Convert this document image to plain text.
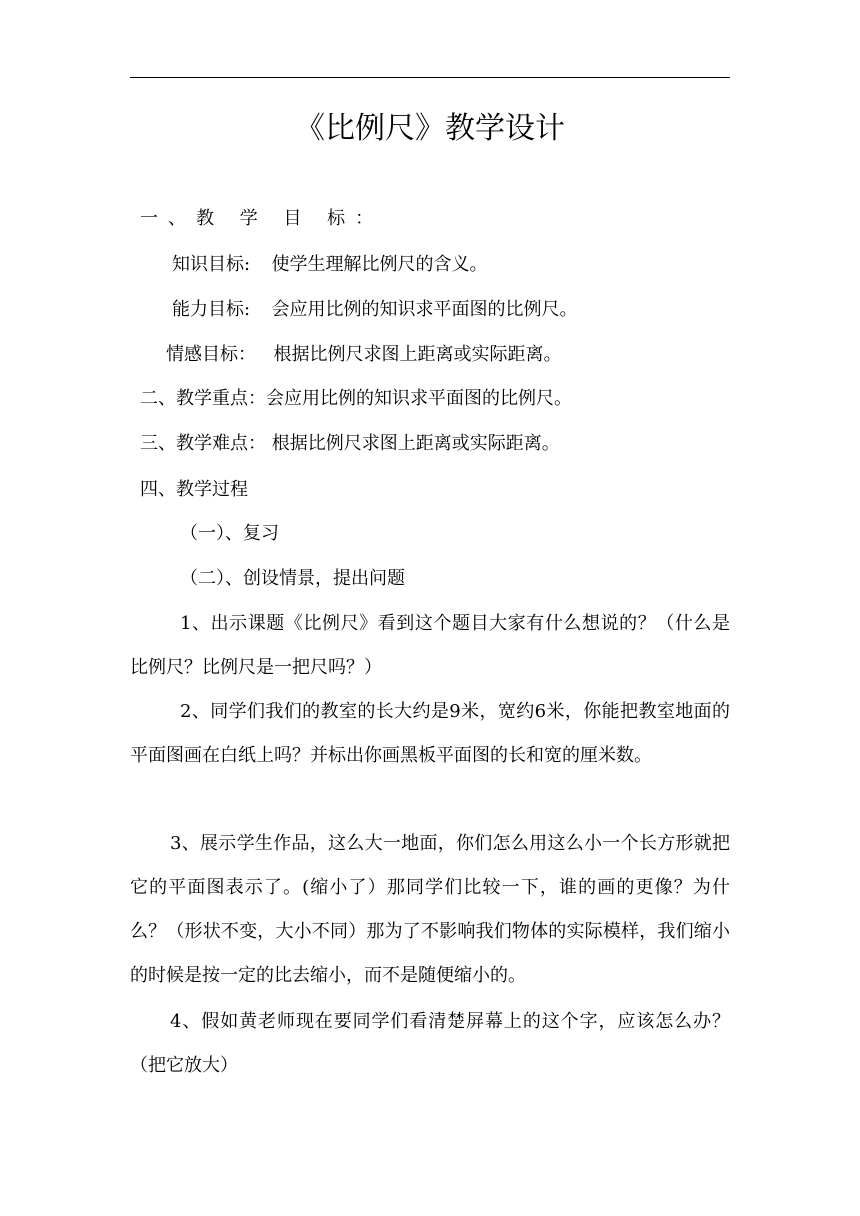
《比例尺》教学设计
一、教 学 目 标：
知识目标: 使学生理解比例尺的含义。
能力目标: 会应用比例的知识求平面图的比例尺。
情感目标： 根据比例尺求图上距离或实际距离。
二、教学重点：会应用比例的知识求平面图的比例尺。
三、教学难点： 根据比例尺求图上距离或实际距离。
四、教学过程
（一）、复习
（二）、创设情景，提出问题
1、出示课题《比例尺》看到这个题目大家有什么想说的？（什么是比例尺？比例尺是一把尺吗？）
2、同学们我们的教室的长大约是9米，宽约6米，你能把教室地面的平面图画在白纸上吗？并标出你画黑板平面图的长和宽的厘米数。
3、展示学生作品，这么大一地面，你们怎么用这么小一个长方形就把它的平面图表示了。(缩小了）那同学们比较一下，谁的画的更像？为什么？（形状不变，大小不同）那为了不影响我们物体的实际模样，我们缩小的时候是按一定的比去缩小，而不是随便缩小的。
4、假如黄老师现在要同学们看清楚屏幕上的这个字，应该怎么办？（把它放大）
